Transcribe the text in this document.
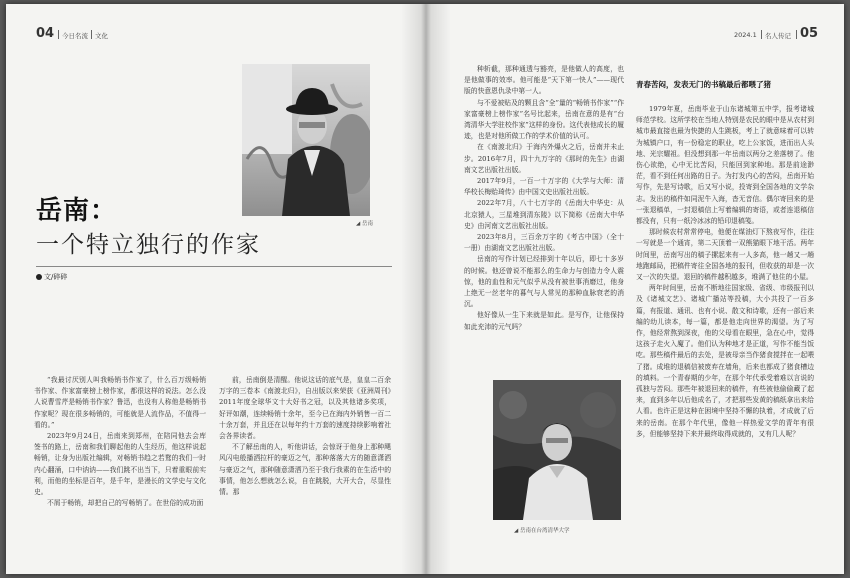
04 今日名流 文化
◢ 岳南
岳南：
一个特立独行的作家
文/碎碎
“我最讨厌别人叫我畅销书作家了，什么百万级畅销书作家、作家富豪榜上榜作家，都很这样的说法。怎么没人说曹雪芹是畅销书作家？鲁迅，也没有人称他是畅销书作家呢？现在很多畅销的，可能就是人流作品，不值得一看的。”
2023年9月24日，岳南来到郑州，在陪同他去会库签书的路上，岳南和我们聊起他的人生经历，他这样说起畅销，让身为出版社编辑，对畅销书趋之若鹜的我们一时内心翻涌，口中讷讷——我们跳不出当下，只着重眼前实利，而他的坐标是百年，是千年，是漫长的文学史与文化史。
不屑于畅销，却把自己的写畅销了。在世俗的成功面
前，岳南倒是清醒。他说这话的底气是，皇皇二百余万字的三卷本《南渡北归》，自出版以来荣获《亚洲周刊》2011年度全球华文十大好书之冠，以及其他诸多奖项，好评如潮，连续畅销十余年，至今已在海内外销售一百二十余万套，并且还在以每年约十万套的速度持续影响着社会各界读者。
不了解岳南的人，听他讲话，会惊讶于他身上那种飓风闪电般播洒拉杆的豪迈之气，那种落落大方的随意潇洒与豪迈之气，那种随意潇洒乃至于我行我素的在生活中的事情，他怎么想就怎么说，自在跳脱，大开大合，尽显性情。那
2024.1 名人传记 05
种斩截，那种通透与豁亮，是他做人的高度，也是他做事的效率。他可能是“天下第一快人”——现代版的快意恩仇录中第一人。
与不爱被贴及的颗且含“全”量的“畅销书作家”“作家富豪榜上榜作家”名号比起来，岳南在意的是有“台湾清华大学驻校作家”这样的身份。这代表他成长的履迹，也是对他所做工作的学术价值的认可。
在《南渡北归》于海内外爆火之后，岳南并未止步。2016年7月，四十九万字的《那时的先生》由湖南文艺出版社出版。
2017年9月，一百一十万字的《大学与大师：清华校长梅贻琦传》由中国文史出版社出版。
2022年7月，八十七万字的《岳南大中华史：从北京猿人，三星堆到清东陵》以下简称《岳南大中华史》由河南文艺出版社出版。
2023年8月，三百余万字的《考古中国》（全十一册）由湖南文艺出版社出版。
岳南的写作计划已经排到十年以后，即七十多岁的时候。他还曾说不能那么的生命力与创造力令人震惊，他的血性和元气似乎从没有被世事消磨过，他身上绝无一丝老年的暮气与人常见的那种血脉衰老的消沉。
他好像从一生下来就是如此。是写作，让他保持如此充沛的元气吗？
◢ 岳南在台湾清华大学
青春苦闷，发表无门的书稿最后都喂了猪
1979年夏，岳南毕业于山东诸城第五中学，报考诸城师范学校。这所学校在当地人特别是农民的眼中是从农村到城市最直接也最为快捷的人生跳板，考上了就意味着可以转为城镇户口，有一份稳定的职业，吃上公家饭，进而出人头地、光宗耀祖。但没想到那一年岳南以两分之差落榜了。他伤心欲绝，心中无比苦闷，只能回到家种地。那是前途渺茫，看不到任何出路的日子。为打发内心的苦闷，岳南开始写作，先是写诗歌，后又写小说，投寄到全国各地的文学杂志。发出的稿件如同泥牛入海，杳无音信。偶尔寄回来的是一张退稿单，一封退稿信上写着编辑的寄语，或者连退稿信都没有，只有一纸冷冰冰的铅印退稿笺。
那时候农村常常停电，他便在煤油灯下熬夜写作，往往一写就是一个通宵，第二天顶着一双熊猫眼下地干活。两年时间里，岳南写出的稿子摞起来有一人多高，他一趟又一趟地跑邮局，把稿件寄往全国各地的报刊，但收获的却是一次又一次的失望。退回的稿件越积越多，堆满了他住的小屋。
两年时间里，岳南不断地往国家级、省级、市级报刊以及《诸城文艺》、诸城广播站等投稿，大小共投了一百多篇，有报道、通讯、也有小说、散文和诗歌，还有一部后来编的幼儿读本，每一篇，都是他走向世界的渴望。为了写作，他经常熬到深夜，他的父母看在眼里，急在心中，觉得这孩子走火入魔了。他们认为种地才是正道，写作不能当饭吃。那些稿件最后的去处，是被母亲当作猪食搅拌在一起喂了猪。成堆的退稿信被废弃在墙角，后来也都成了猪食槽边的填料。一个青春期的少年，在那个年代承受着难以言说的孤独与苦闷。那些年被退回来的稿件，有些被他偷偷藏了起来，直到多年以后他成名了，才把那些发黄的稿纸拿出来给人看。也许正是这种在困境中坚持不懈的执着，才成就了后来的岳南。在那个年代里，像他一样热爱文学的青年有很多，但能够坚持下来并最终取得成就的，又有几人呢？
